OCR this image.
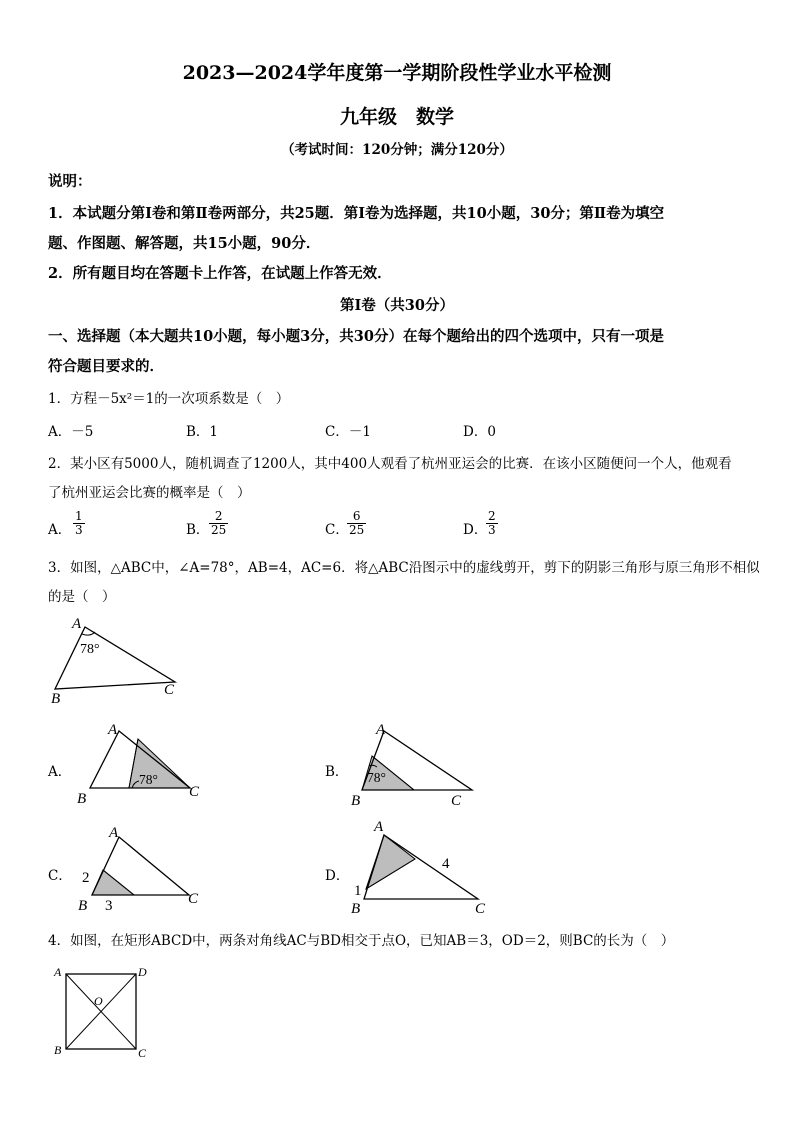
2023—2024学年度第一学期阶段性学业水平检测
九年级　数学
（考试时间：120分钟；满分120分）
说明：
1．本试题分第Ⅰ卷和第Ⅱ卷两部分，共25题．第Ⅰ卷为选择题，共10小题，30分；第Ⅱ卷为填空
题、作图题、解答题，共15小题，90分．
2．所有题目均在答题卡上作答，在试题上作答无效．
第Ⅰ卷（共30分）
一、选择题（本大题共10小题，每小题3分，共30分）在每个题给出的四个选项中，只有一项是
符合题目要求的．
1．方程－5x²＝1的一次项系数是（　）
A．－5	B．1	C．－1	D．0
2．某小区有5000人，随机调查了1200人，其中400人观看了杭州亚运会的比赛．在该小区随便问一个人，他观看
了杭州亚运会比赛的概率是（　）
A．
1
3	B．
2
25	C．
6
25	D．
2
3
3．如图，△ABC中，∠A=78°，AB=4，AC=6．将△ABC沿图示中的虚线剪开，剪下的阴影三角形与原三角形不相似
的是（　）
A
B
C
78°
A．
A
B	C
78°	B．
A
B	C
78°
C．
A
B	C
2
3
D．
A
B	C
1
4
4．如图，在矩形ABCD中，两条对角线AC与BD相交于点O，已知AB＝3，OD＝2，则BC的长为（　）
A	D
B	C
O
